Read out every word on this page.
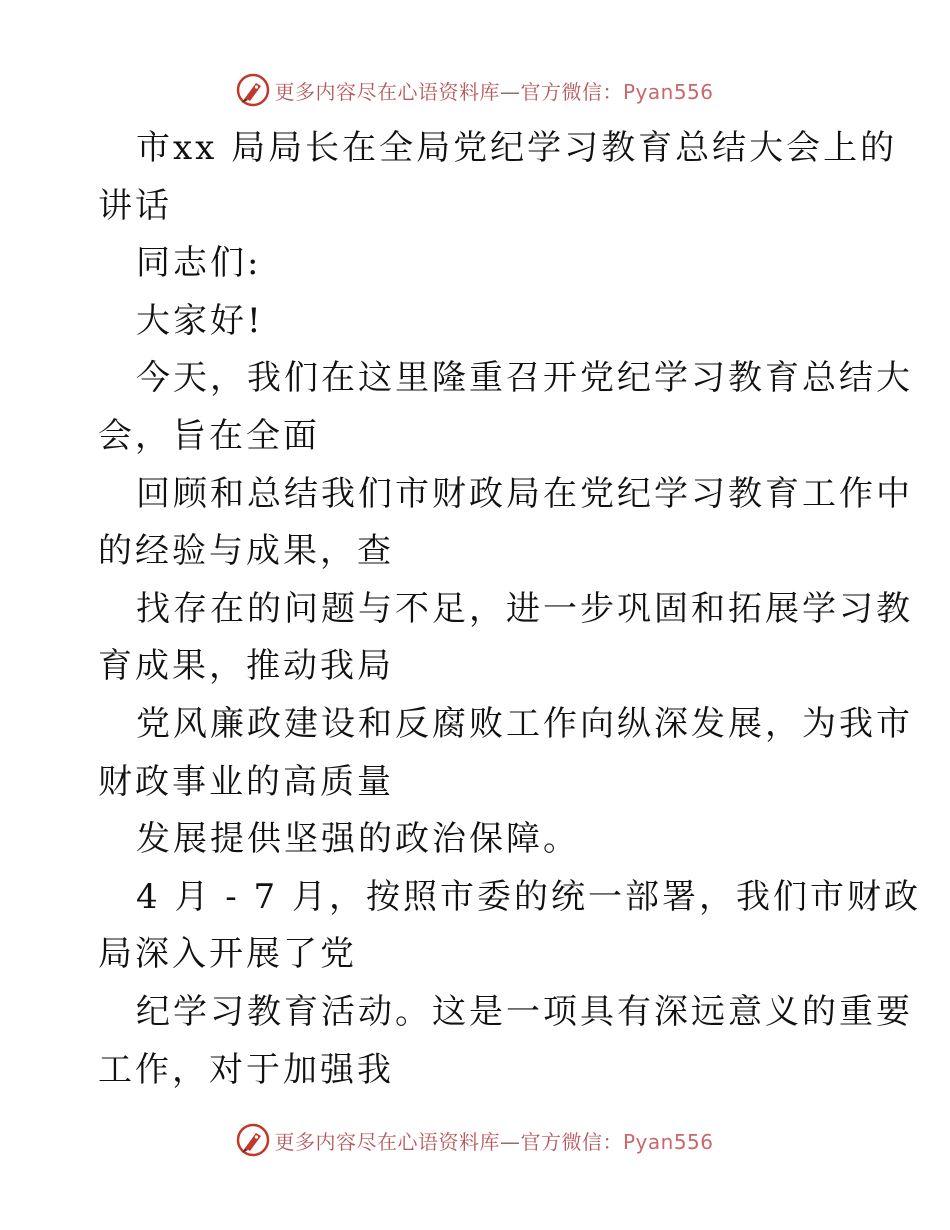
更多内容尽在心语资料库—官方微信：Pyan556
市xx 局局长在全局党纪学习教育总结大会上的
讲话
同志们:
大家好!
今天，我们在这里隆重召开党纪学习教育总结大
会，旨在全面
回顾和总结我们市财政局在党纪学习教育工作中
的经验与成果，查
找存在的问题与不足，进一步巩固和拓展学习教
育成果，推动我局
党风廉政建设和反腐败工作向纵深发展，为我市
财政事业的高质量
发展提供坚强的政治保障。
4 月 - 7 月，按照市委的统一部署，我们市财政
局深入开展了党
纪学习教育活动。这是一项具有深远意义的重要
工作，对于加强我
更多内容尽在心语资料库—官方微信：Pyan556
